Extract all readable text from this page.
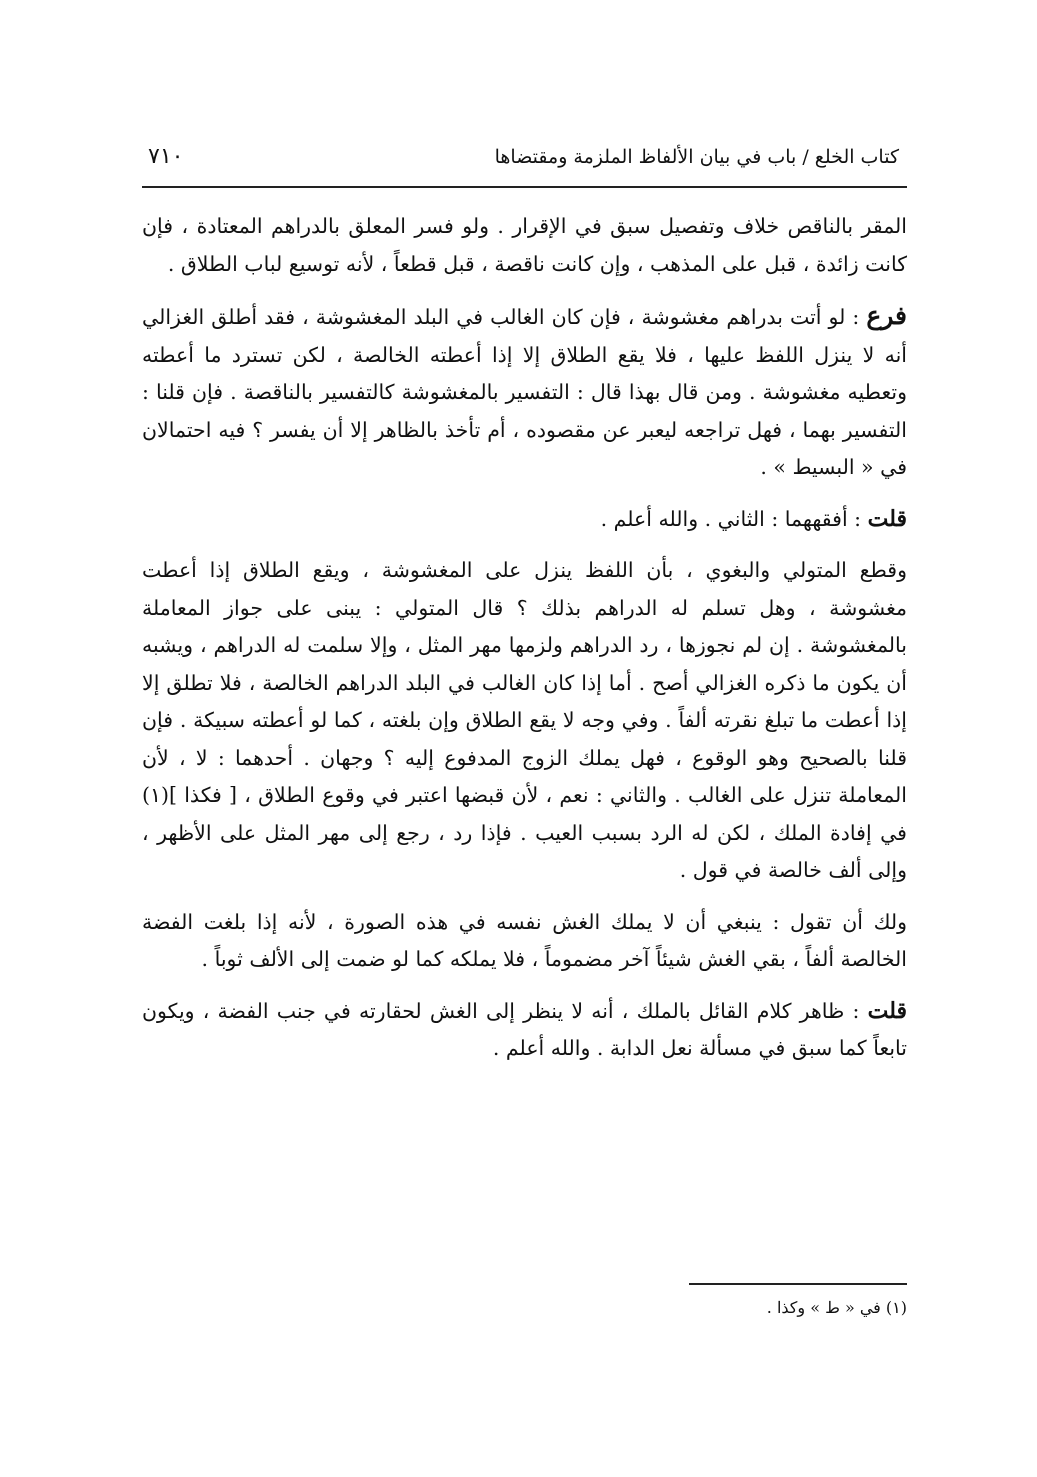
كتاب الخلع / باب في بيان الألفاظ الملزمة ومقتضاها
٧١٠

المقر بالناقص خلاف وتفصيل سبق في الإقرار . ولو فسر المعلق بالدراهم المعتادة ، فإن كانت زائدة ، قبل على المذهب ، وإن كانت ناقصة ، قبل قطعاً ، لأنه توسيع لباب الطلاق .

فرع : لو أتت بدراهم مغشوشة ، فإن كان الغالب في البلد المغشوشة ، فقد أطلق الغزالي أنه لا ينزل اللفظ عليها ، فلا يقع الطلاق إلا إذا أعطته الخالصة ، لكن تسترد ما أعطته وتعطيه مغشوشة . ومن قال بهذا قال : التفسير بالمغشوشة كالتفسير بالناقصة . فإن قلنا : التفسير بهما ، فهل تراجعه ليعبر عن مقصوده ، أم تأخذ بالظاهر إلا أن يفسر ؟ فيه احتمالان في « البسيط » .

قلت : أفقههما : الثاني . والله أعلم .

وقطع المتولي والبغوي ، بأن اللفظ ينزل على المغشوشة ، ويقع الطلاق إذا أعطت مغشوشة ، وهل تسلم له الدراهم بذلك ؟ قال المتولي : يبنى على جواز المعاملة بالمغشوشة . إن لم نجوزها ، رد الدراهم ولزمها مهر المثل ، وإلا سلمت له الدراهم ، ويشبه أن يكون ما ذكره الغزالي أصح . أما إذا كان الغالب في البلد الدراهم الخالصة ، فلا تطلق إلا إذا أعطت ما تبلغ نقرته ألفاً . وفي وجه لا يقع الطلاق وإن بلغته ، كما لو أعطته سبيكة . فإن قلنا بالصحيح وهو الوقوع ، فهل يملك الزوج المدفوع إليه ؟ وجهان . أحدهما : لا ، لأن المعاملة تنزل على الغالب . والثاني : نعم ، لأن قبضها اعتبر في وقوع الطلاق ، [ فكذا ](١) في إفادة الملك ، لكن له الرد بسبب العيب . فإذا رد ، رجع إلى مهر المثل على الأظهر ، وإلى ألف خالصة في قول .

ولك أن تقول : ينبغي أن لا يملك الغش نفسه في هذه الصورة ، لأنه إذا بلغت الفضة الخالصة ألفاً ، بقي الغش شيئاً آخر مضموماً ، فلا يملكه كما لو ضمت إلى الألف ثوباً .

قلت : ظاهر كلام القائل بالملك ، أنه لا ينظر إلى الغش لحقارته في جنب الفضة ، ويكون تابعاً كما سبق في مسألة نعل الدابة . والله أعلم .

(١) في « ط » وكذا .
